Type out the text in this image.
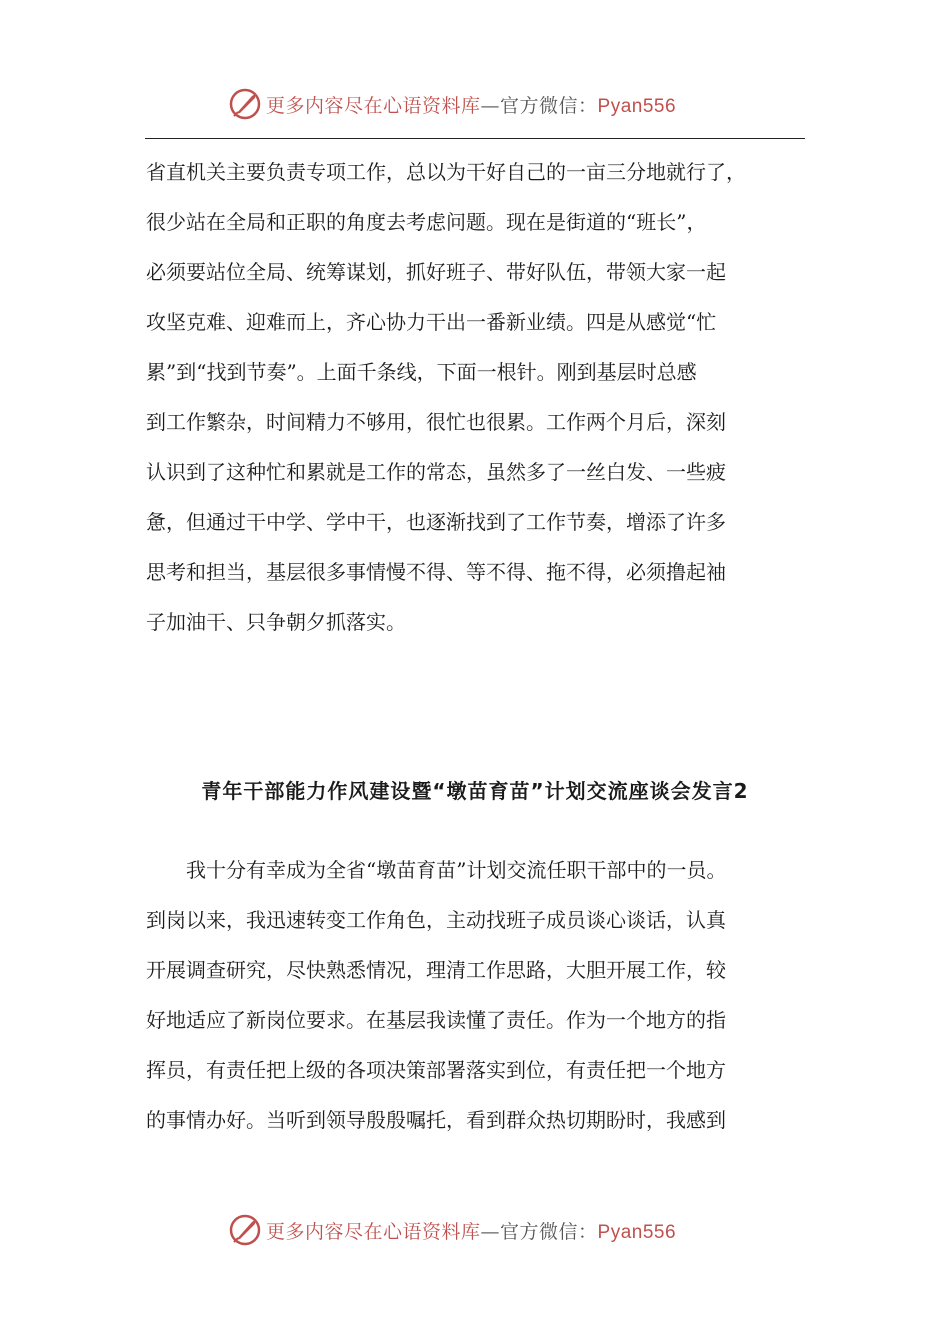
更多内容尽在心语资料库—官方微信：Pyan556
省直机关主要负责专项工作，总以为干好自己的一亩三分地就行了，
很少站在全局和正职的角度去考虑问题。现在是街道的“班长”，
必须要站位全局、统筹谋划，抓好班子、带好队伍，带领大家一起
攻坚克难、迎难而上，齐心协力干出一番新业绩。四是从感觉“忙
累”到“找到节奏”。上面千条线，下面一根针。刚到基层时总感
到工作繁杂，时间精力不够用，很忙也很累。工作两个月后，深刻
认识到了这种忙和累就是工作的常态，虽然多了一丝白发、一些疲
惫，但通过干中学、学中干，也逐渐找到了工作节奏，增添了许多
思考和担当，基层很多事情慢不得、等不得、拖不得，必须撸起袖
子加油干、只争朝夕抓落实。
青年干部能力作风建设暨“墩苗育苗”计划交流座谈会发言2
　　我十分有幸成为全省“墩苗育苗”计划交流任职干部中的一员。
到岗以来，我迅速转变工作角色，主动找班子成员谈心谈话，认真
开展调查研究，尽快熟悉情况，理清工作思路，大胆开展工作，较
好地适应了新岗位要求。在基层我读懂了责任。作为一个地方的指
挥员，有责任把上级的各项决策部署落实到位，有责任把一个地方
的事情办好。当听到领导殷殷嘱托，看到群众热切期盼时，我感到
更多内容尽在心语资料库—官方微信：Pyan556
